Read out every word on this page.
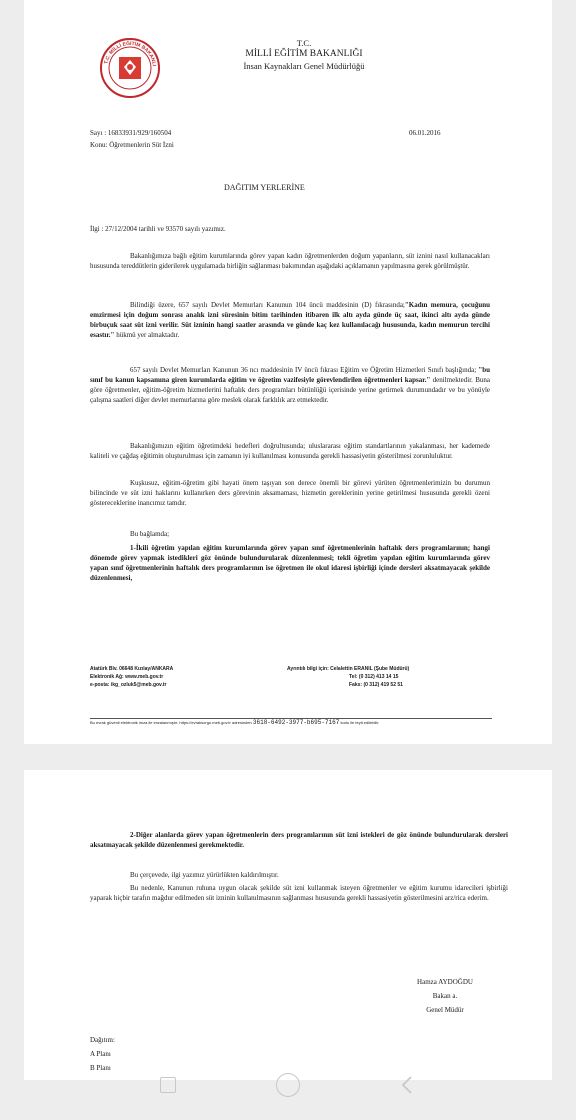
T.C. MİLLİ EĞİTİM BAKANLI
T.C.
MİLLİ EĞİTİM BAKANLIĞI
İnsan Kaynakları Genel Müdürlüğü
Sayı : 16833931/929/160504	06.01.2016
Konu: Öğretmenlerin Süt İzni
DAĞITIM YERLERİNE
İlgi : 27/12/2004 tarihli ve 93570 sayılı yazımız.

Bakanlığımıza bağlı eğitim kurumlarında görev yapan kadın öğretmenlerden doğum yapanların, süt iznini nasıl kullanacakları hususunda tereddütlerin giderilerek uygulamada birliğin sağlanması bakımından aşağıdaki açıklamanın yapılmasına gerek görülmüştür.

Bilindiği üzere, 657 sayılı Devlet Memurları Kanunun 104 üncü maddesinin (D) fıkrasında;"Kadın memura, çocuğunu emzirmesi için doğum sonrası analık izni süresinin bitim tarihinden itibaren ilk altı ayda günde üç saat, ikinci altı ayda günde birbuçuk saat süt izni verilir. Süt izninin hangi saatler arasında ve günde kaç kez kullanılacağı hususunda, kadın memurun tercihi esastır." hükmü yer almaktadır.

657 sayılı Devlet Memurları Kanunun 36 ncı maddesinin IV üncü fıkrası Eğitim ve Öğretim Hizmetleri Sınıfı başlığında; "bu sınıf bu kanun kapsamına giren kurumlarda eğitim ve öğretim vazifesiyle görevlendirilen öğretmenleri kapsar." denilmektedir. Buna göre öğretmenler, eğitim-öğretim hizmetlerini haftalık ders programları bütünlüğü içerisinde yerine getirmek durumundadır ve bu yönüyle çalışma saatleri diğer devlet memurlarına göre meslek olarak farklılık arz etmektedir.

Bakanlığımızın eğitim öğretimdeki hedefleri doğrultusunda; uluslararası eğitim standartlarının yakalanması, her kademede kaliteli ve çağdaş eğitimin oluşturulması için zamanın iyi kullanılması konusunda gerekli hassasiyetin gösterilmesi zorunluluktur.

Kuşkusuz, eğitim-öğretim gibi hayati önem taşıyan son derece önemli bir görevi yürüten öğretmenlerimizin bu durumun bilincinde ve süt izni haklarını kullanırken ders görevinin aksamaması, hizmetin gereklerinin yerine getirilmesi hususunda gerekli özeni göstereceklerine inancımız tamdır.

Bu bağlamda;

1-İkili öğretim yapılan eğitim kurumlarında görev yapan sınıf öğretmenlerinin haftalık ders programlarının; hangi dönemde görev yapmak istedikleri göz önünde bulundurularak düzenlenmesi; tekli öğretim yapılan eğitim kurumlarında görev yapan sınıf öğretmenlerinin haftalık ders programlarının ise öğretmen ile okul idaresi işbirliği içinde dersleri aksatmayacak şekilde düzenlenmesi,

Atatürk Blv. 06648 Kızılay/ANKARA
Elektronik Ağ: www.meb.gov.tr
e-posta: ikg_ozluk5@meb.gov.tr
Ayrıntılı bilgi için: Celalettin ERANIL (Şube Müdürü)
Tel: (0 312) 413 14 15
Faks: (0 312) 419 52 51
Bu evrak güvenli elektronik imza ile imzalanmıştır. https://evraksorgu.meb.gov.tr adresinden 3618-6492-3977-b695-7167 kodu ile teyit edilebilir.

2-Diğer alanlarda görev yapan öğretmenlerin ders programlarının süt izni istekleri de göz önünde bulundurularak dersleri aksatmayacak şekilde düzenlenmesi gerekmektedir.

Bu çerçevede, ilgi yazımız yürürlükten kaldırılmıştır.

Bu nedenle, Kanunun ruhuna uygun olacak şekilde süt izni kullanmak isteyen öğretmenler ve eğitim kurumu idarecileri işbirliği yaparak hiçbir tarafın mağdur edilmeden süt izninin kullanılmasının sağlanması hususunda gerekli hassasiyetin gösterilmesini arz/rica ederim.

Hamza AYDOĞDU
Bakan a.
Genel Müdür
Dağıtım:
A Planı
B Planı
